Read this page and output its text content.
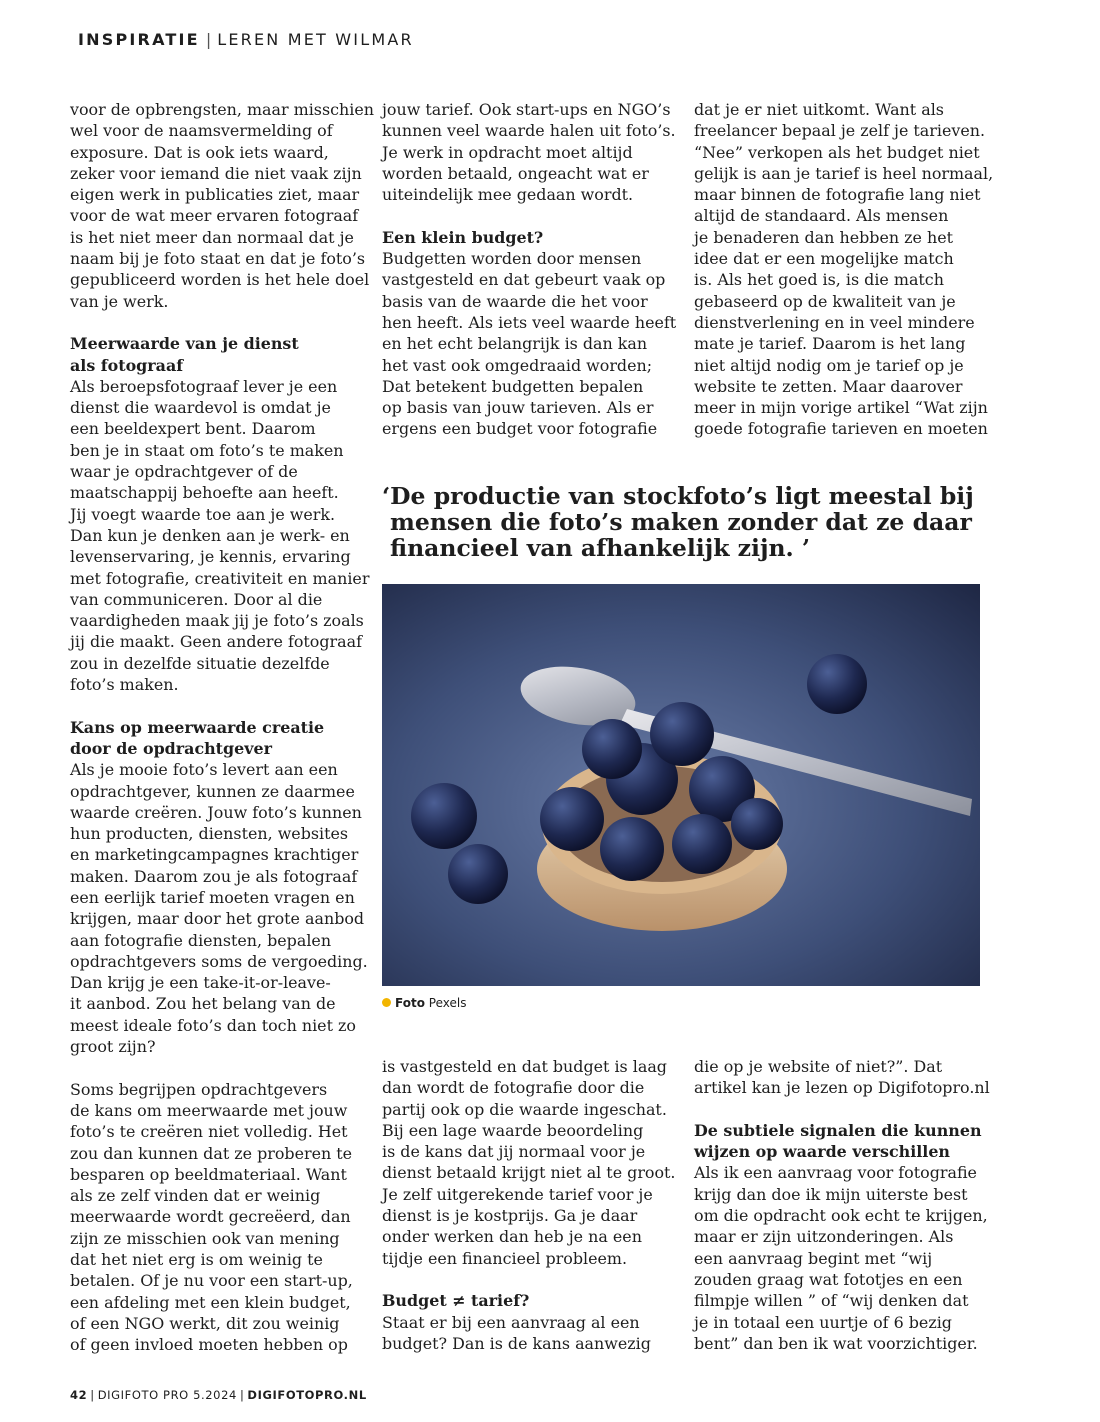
INSPIRATIE | LEREN MET WILMAR

voor de opbrengsten, maar misschien

wel voor de naamsvermelding of

exposure. Dat is ook iets waard,

zeker voor iemand die niet vaak zijn

eigen werk in publicaties ziet, maar

voor de wat meer ervaren fotograaf

is het niet meer dan normaal dat je

naam bij je foto staat en dat je foto’s

gepubliceerd worden is het hele doel

van je werk.

Meerwaarde van je dienst
als fotograaf

Als beroepsfotograaf lever je een

dienst die waardevol is omdat je

een beeldexpert bent. Daarom

ben je in staat om foto’s te maken

waar je opdrachtgever of de

maatschappij behoefte aan heeft.

Jij voegt waarde toe aan je werk.

Dan kun je denken aan je werk- en

levenservaring, je kennis, ervaring

met fotografie, creativiteit en manier

van communiceren. Door al die

vaardigheden maak jij je foto’s zoals

jij die maakt. Geen andere fotograaf

zou in dezelfde situatie dezelfde

foto’s maken.

Kans op meerwaarde creatie
door de opdrachtgever

Als je mooie foto’s levert aan een

opdrachtgever, kunnen ze daarmee

waarde creëren. Jouw foto’s kunnen

hun producten, diensten, websites

en marketingcampagnes krachtiger

maken. Daarom zou je als fotograaf

een eerlijk tarief moeten vragen en

krijgen, maar door het grote aanbod

aan fotografie diensten, bepalen

opdrachtgevers soms de vergoeding.

Dan krijg je een take-it-or-leave-

it aanbod. Zou het belang van de

meest ideale foto’s dan toch niet zo

groot zijn?

Soms begrijpen opdrachtgevers

de kans om meerwaarde met jouw

foto’s te creëren niet volledig. Het

zou dan kunnen dat ze proberen te

besparen op beeldmateriaal. Want

als ze zelf vinden dat er weinig

meerwaarde wordt gecreëerd, dan

zijn ze misschien ook van mening

dat het niet erg is om weinig te

betalen. Of je nu voor een start-up,

een afdeling met een klein budget,

of een NGO werkt, dit zou weinig

of geen invloed moeten hebben op

jouw tarief. Ook start-ups en NGO’s

kunnen veel waarde halen uit foto’s.

Je werk in opdracht moet altijd

worden betaald, ongeacht wat er

uiteindelijk mee gedaan wordt.

Een klein budget?

Budgetten worden door mensen

vastgesteld en dat gebeurt vaak op

basis van de waarde die het voor

hen heeft. Als iets veel waarde heeft

en het echt belangrijk is dan kan

het vast ook omgedraaid worden;

Dat betekent budgetten bepalen

op basis van jouw tarieven. Als er

ergens een budget voor fotografie

dat je er niet uitkomt. Want als

freelancer bepaal je zelf je tarieven.

“Nee” verkopen als het budget niet

gelijk is aan je tarief is heel normaal,

maar binnen de fotografie lang niet

altijd de standaard. Als mensen

je benaderen dan hebben ze het

idee dat er een mogelijke match

is. Als het goed is, is die match

gebaseerd op de kwaliteit van je

dienstverlening en in veel mindere

mate je tarief. Daarom is het lang

niet altijd nodig om je tarief op je

website te zetten. Maar daarover

meer in mijn vorige artikel “Wat zijn

goede fotografie tarieven en moeten

‘De productie van stockfoto’s ligt meestal bij
mensen die foto’s maken zonder dat ze daar
financieel van afhankelijk zijn. ’
Foto Pexels

is vastgesteld en dat budget is laag

dan wordt de fotografie door die

partij ook op die waarde ingeschat.

Bij een lage waarde beoordeling

is de kans dat jij normaal voor je

dienst betaald krijgt niet al te groot.

Je zelf uitgerekende tarief voor je

dienst is je kostprijs. Ga je daar

onder werken dan heb je na een

tijdje een financieel probleem.

Budget ≠ tarief?

Staat er bij een aanvraag al een

budget? Dan is de kans aanwezig

die op je website of niet?”. Dat

artikel kan je lezen op Digifotopro.nl

De subtiele signalen die kunnen
wijzen op waarde verschillen

Als ik een aanvraag voor fotografie

krijg dan doe ik mijn uiterste best

om die opdracht ook echt te krijgen,

maar er zijn uitzonderingen. Als

een aanvraag begint met “wij

zouden graag wat fototjes en een

filmpje willen ” of “wij denken dat

je in totaal een uurtje of 6 bezig

bent” dan ben ik wat voorzichtiger.

42 | DIGIFOTO PRO 5.2024 | DIGIFOTOPRO.NL
